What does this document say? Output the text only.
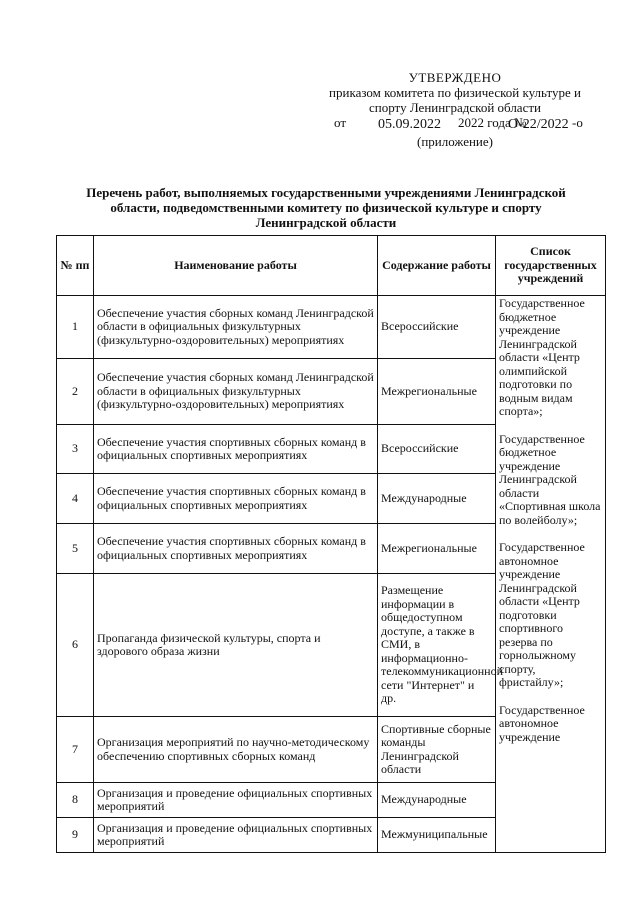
УТВЕРЖДЕНО
приказом комитета по физической культуре и
спорту Ленинградской области
от	2022 года №	-о
05.09.2022	О-22/2022
(приложение)
Перечень работ, выполняемых государственными учреждениями Ленинградской
области, подведомственными комитету по физической культуре и спорту
Ленинградской области
№ пп	Наименование работы	Содержание работы	Список государственных учреждений
1	Обеспечение участия сборных команд Ленинградской области в официальных физкультурных (физкультурно-оздоровительных) мероприятиях	Всероссийские	Государственное бюджетное учреждение Ленинградской области «Центр олимпийской подготовки по водным видам спорта»;
Государственное бюджетное учреждение Ленинградской области «Спортивная школа по волейболу»;
Государственное автономное учреждение Ленинградской области «Центр подготовки спортивного резерва по горнолыжному спорту, фристайлу»;
Государственное автономное учреждение

2	Обеспечение участия сборных команд Ленинградской области в официальных физкультурных (физкультурно-оздоровительных) мероприятиях	Межрегиональные	
3	Обеспечение участия спортивных сборных команд в официальных спортивных мероприятиях	Всероссийские	
4	Обеспечение участия спортивных сборных команд в официальных спортивных мероприятиях	Международные	
5	Обеспечение участия спортивных сборных команд в официальных спортивных мероприятиях	Межрегиональные	
6	Пропаганда физической культуры, спорта и здорового образа жизни	Размещение информации в общедоступном доступе, а также в СМИ, в информационно-телекоммуникационной сети "Интернет" и др.	
7	Организация мероприятий по научно-методическому обеспечению спортивных сборных команд	Спортивные сборные команды Ленинградской области	
8	Организация и проведение официальных спортивных мероприятий	Международные	
9	Организация и проведение официальных спортивных мероприятий	Межмуниципальные	
